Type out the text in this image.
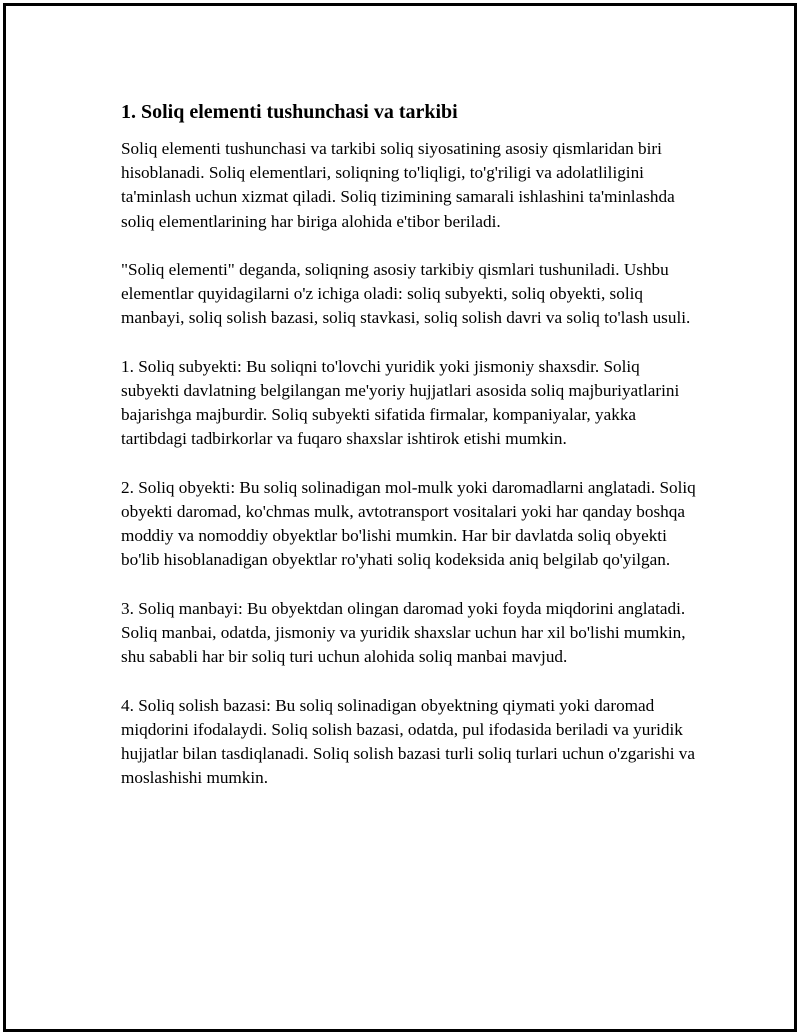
1. Soliq elementi tushunchasi va tarkibi

Soliq elementi tushunchasi va tarkibi soliq siyosatining asosiy qismlaridan biri hisoblanadi. Soliq elementlari, soliqning to'liqligi, to'g'riligi va adolatliligini ta'minlash uchun xizmat qiladi. Soliq tizimining samarali ishlashini ta'minlashda soliq elementlarining har biriga alohida e'tibor beriladi.

"Soliq elementi" deganda, soliqning asosiy tarkibiy qismlari tushuniladi. Ushbu elementlar quyidagilarni o'z ichiga oladi: soliq subyekti, soliq obyekti, soliq manbayi, soliq solish bazasi, soliq stavkasi, soliq solish davri va soliq to'lash usuli.

1. Soliq subyekti: Bu soliqni to'lovchi yuridik yoki jismoniy shaxsdir. Soliq subyekti davlatning belgilangan me'yoriy hujjatlari asosida soliq majburiyatlarini bajarishga majburdir. Soliq subyekti sifatida firmalar, kompaniyalar, yakka tartibdagi tadbirkorlar va fuqaro shaxslar ishtirok etishi mumkin.

2. Soliq obyekti: Bu soliq solinadigan mol-mulk yoki daromadlarni anglatadi. Soliq obyekti daromad, ko'chmas mulk, avtotransport vositalari yoki har qanday boshqa moddiy va nomoddiy obyektlar bo'lishi mumkin. Har bir davlatda soliq obyekti bo'lib hisoblanadigan obyektlar ro'yhati soliq kodeksida aniq belgilab qo'yilgan.

3. Soliq manbayi: Bu obyektdan olingan daromad yoki foyda miqdorini anglatadi. Soliq manbai, odatda, jismoniy va yuridik shaxslar uchun har xil bo'lishi mumkin, shu sababli har bir soliq turi uchun alohida soliq manbai mavjud.

4. Soliq solish bazasi: Bu soliq solinadigan obyektning qiymati yoki daromad miqdorini ifodalaydi. Soliq solish bazasi, odatda, pul ifodasida beriladi va yuridik hujjatlar bilan tasdiqlanadi. Soliq solish bazasi turli soliq turlari uchun o'zgarishi va moslashishi mumkin.
